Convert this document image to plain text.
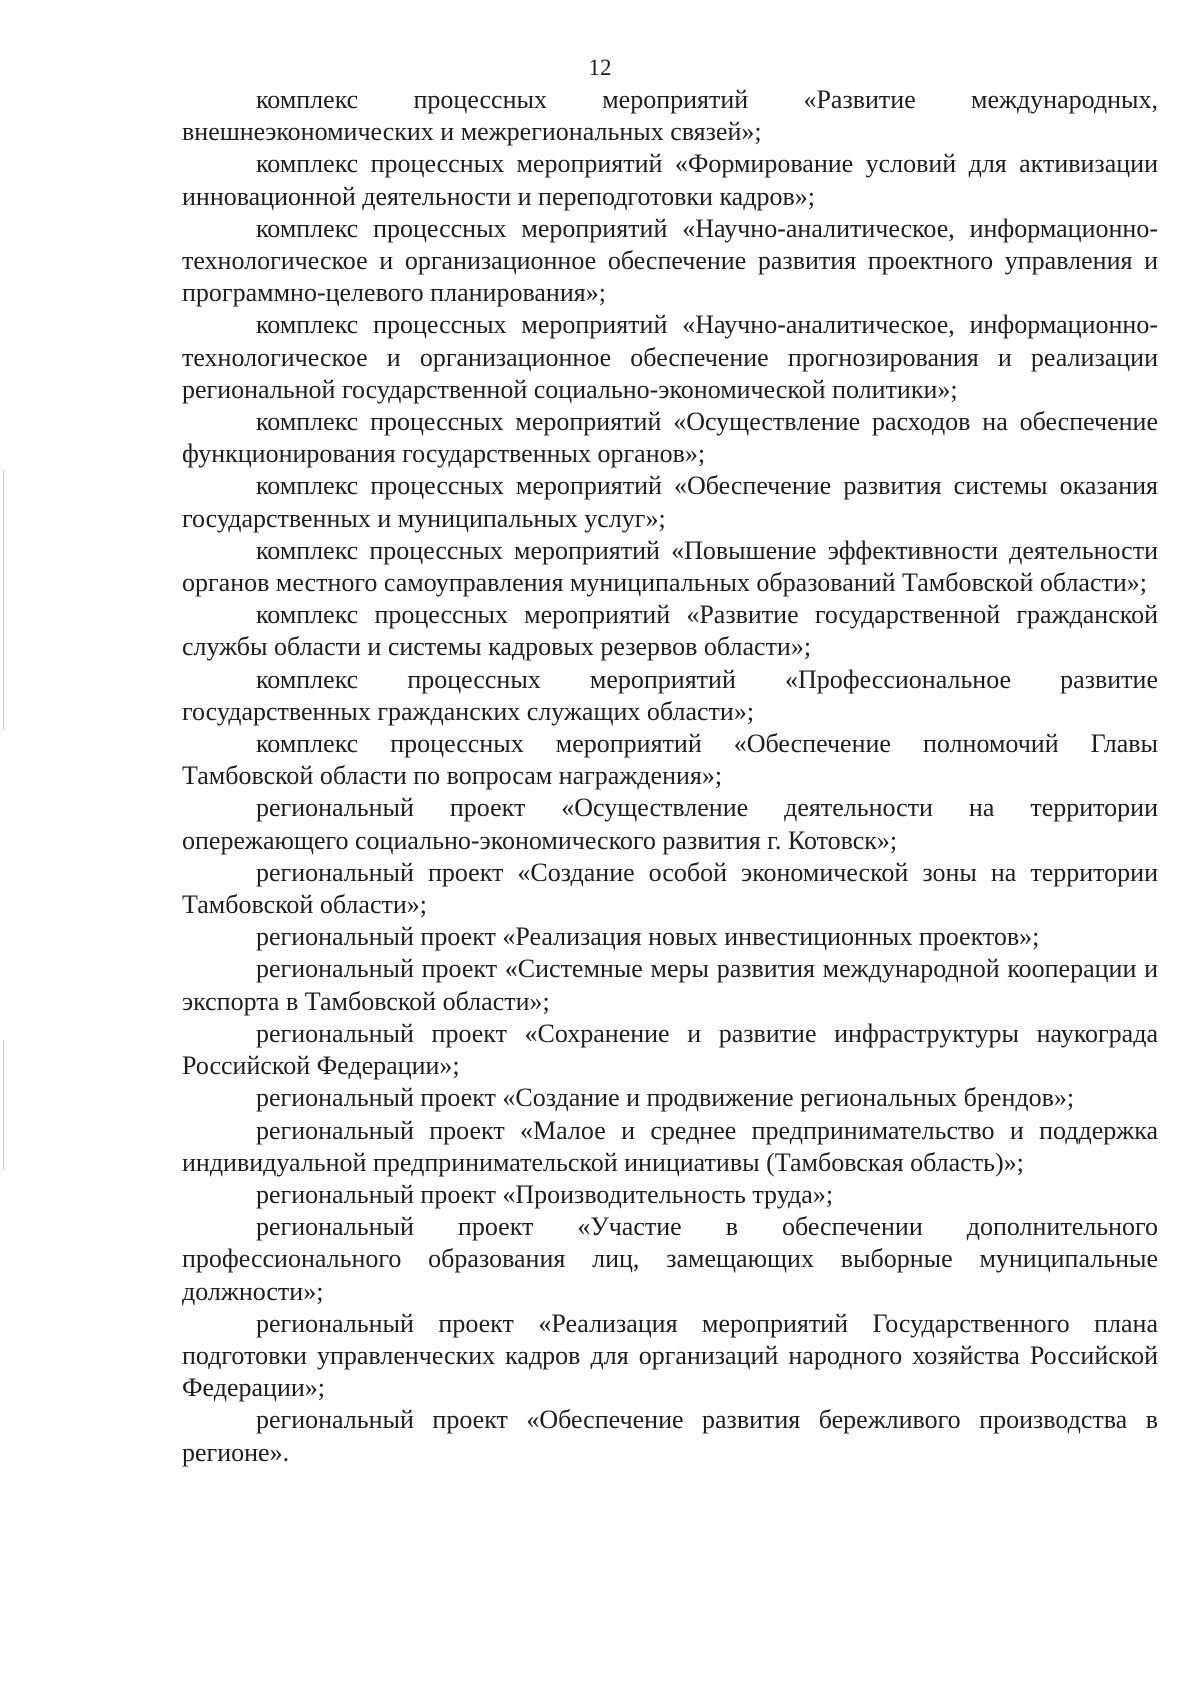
12

комплекс процессных мероприятий «Развитие международных, внешнеэкономических и межрегиональных связей»;

комплекс процессных мероприятий «Формирование условий для активизации инновационной деятельности и переподготовки кадров»;

комплекс процессных мероприятий «Научно-аналитическое, информационно-технологическое и организационное обеспечение развития проектного управления и программно-целевого планирования»;

комплекс процессных мероприятий «Научно-аналитическое, информационно-технологическое и организационное обеспечение прогнозирования и реализации региональной государственной социально-экономической политики»;

комплекс процессных мероприятий «Осуществление расходов на обеспечение функционирования государственных органов»;

комплекс процессных мероприятий «Обеспечение развития системы оказания государственных и муниципальных услуг»;

комплекс процессных мероприятий «Повышение эффективности деятельности органов местного самоуправления муниципальных образований Тамбовской области»;

комплекс процессных мероприятий «Развитие государственной гражданской службы области и системы кадровых резервов области»;

комплекс процессных мероприятий «Профессиональное развитие государственных гражданских служащих области»;

комплекс процессных мероприятий «Обеспечение полномочий Главы Тамбовской области по вопросам награждения»;

региональный проект «Осуществление деятельности на территории опережающего социально-экономического развития г. Котовск»;

региональный проект «Создание особой экономической зоны на территории Тамбовской области»;

региональный проект «Реализация новых инвестиционных проектов»;

региональный проект «Системные меры развития международной кооперации и экспорта в Тамбовской области»;

региональный проект «Сохранение и развитие инфраструктуры наукограда Российской Федерации»;

региональный проект «Создание и продвижение региональных брендов»;

региональный проект «Малое и среднее предпринимательство и поддержка индивидуальной предпринимательской инициативы (Тамбовская область)»;

региональный проект «Производительность труда»;

региональный проект «Участие в обеспечении дополнительного профессионального образования лиц, замещающих выборные муниципальные должности»;

региональный проект «Реализация мероприятий Государственного плана подготовки управленческих кадров для организаций народного хозяйства Российской Федерации»;

региональный проект «Обеспечение развития бережливого производства в регионе».
